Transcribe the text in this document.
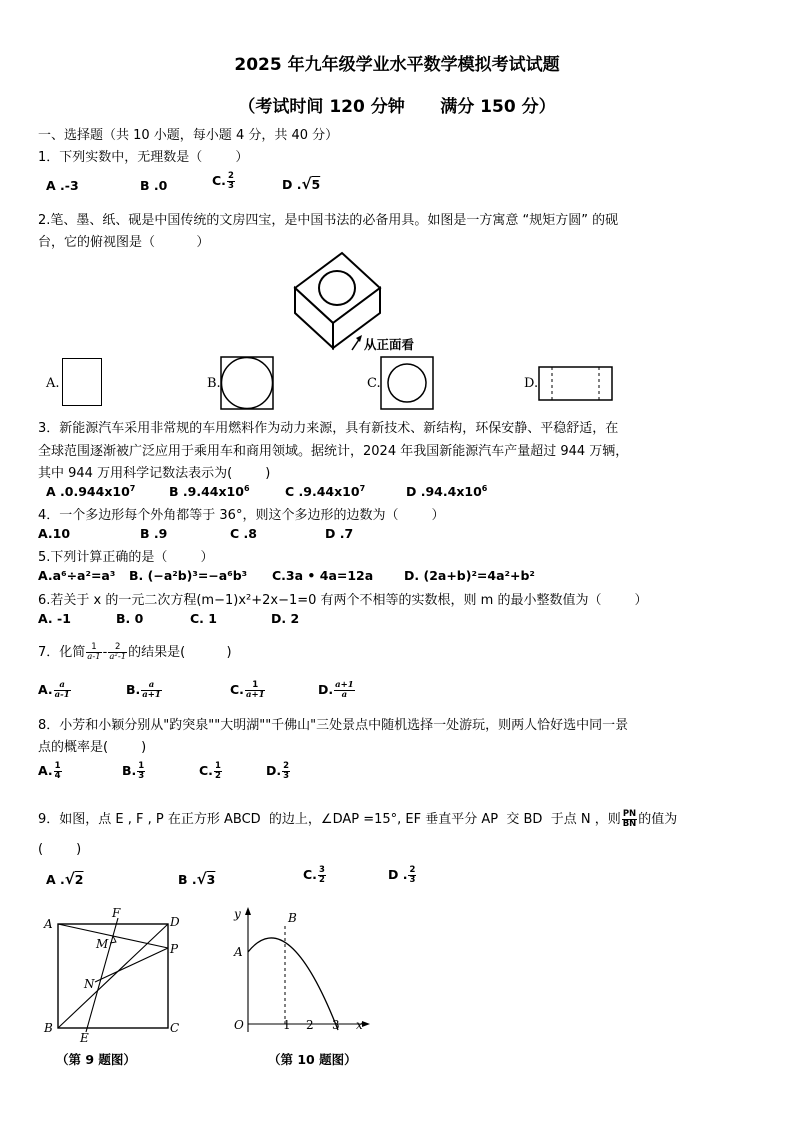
2025 年九年级学业水平数学模拟考试试题
（考试时间 120 分钟      满分 150 分）
一、选择题（共 10 小题，每小题 4 分，共 40 分）
1．下列实数中，无理数是（        ）
A .-3	B .0	C. $\frac{2}{3}$	D .√5
2.笔、墨、纸、砚是中国传统的文房四宝，是中国书法的必备用具。如图是一方寓意 “规矩方圆” 的砚
台，它的俯视图是（          ）
从正面看
A.	B.	C.	D.
3．新能源汽车采用非常规的车用燃料作为动力来源，具有新技术、新结构，环保安静、平稳舒适，在
全球范围逐渐被广泛应用于乘用车和商用领域。据统计，2024 年我国新能源汽车产量超过 944 万辆，
其中 944 万用科学记数法表示为(        )
A $.0.944x10^7$	B $.9.44x10^6$	C $.9.44x10^7$	D $.94.4x10^6$
4．一个多边形每个外角都等于 36°，则这个多边形的边数为（        ）
A.10	B .9	C .8	D .7
5.下列计算正确的是（        ）
A.a⁶÷a²=a³ B. (−a²b)³=−a⁶b³ C.3a • 4a=12a D. (2a+b)²=4a²+b²
6.若关于 x 的一元二次方程(m−1)x²+2x−1=0 有两个不相等的实数根，则 m 的最小整数值为（        ）
A. -1	B. 0	C. 1	D. 2
7．化简 $\frac{1}{a-1} - \frac{2}{\text{a²-1}}$ 的结果是(          )
A. $\frac{a}{a-1}$	B. $\frac{a}{a+1}$	C. $\frac{1}{a+1}$	D. $\frac{a+1}{a}$
8．小芳和小颖分别从"趵突泉""大明湖""千佛山"三处景点中随机选择一处游玩，则两人恰好选中同一景
点的概率是(        )
A. $\frac{1}{4}$	B. $\frac{1}{3}$	C. $\frac{1}{2}$	D. $\frac{2}{3}$
9．如图，点 E , F , P 在正方形 ABCD  的边上，∠DAP =15°, EF 垂直平分 AP  交 BD  于点 N ，则 $\frac{PN}{BN}$ 的值为
(        )
A .√2	B .√3	C. $\frac{3}{2}$	D . $\frac{2}{3}$
A
B	C
D
E
F
M
N
P
（第 9 题图）
y
x
O
A
B
1 2 3
（第 10 题图）
